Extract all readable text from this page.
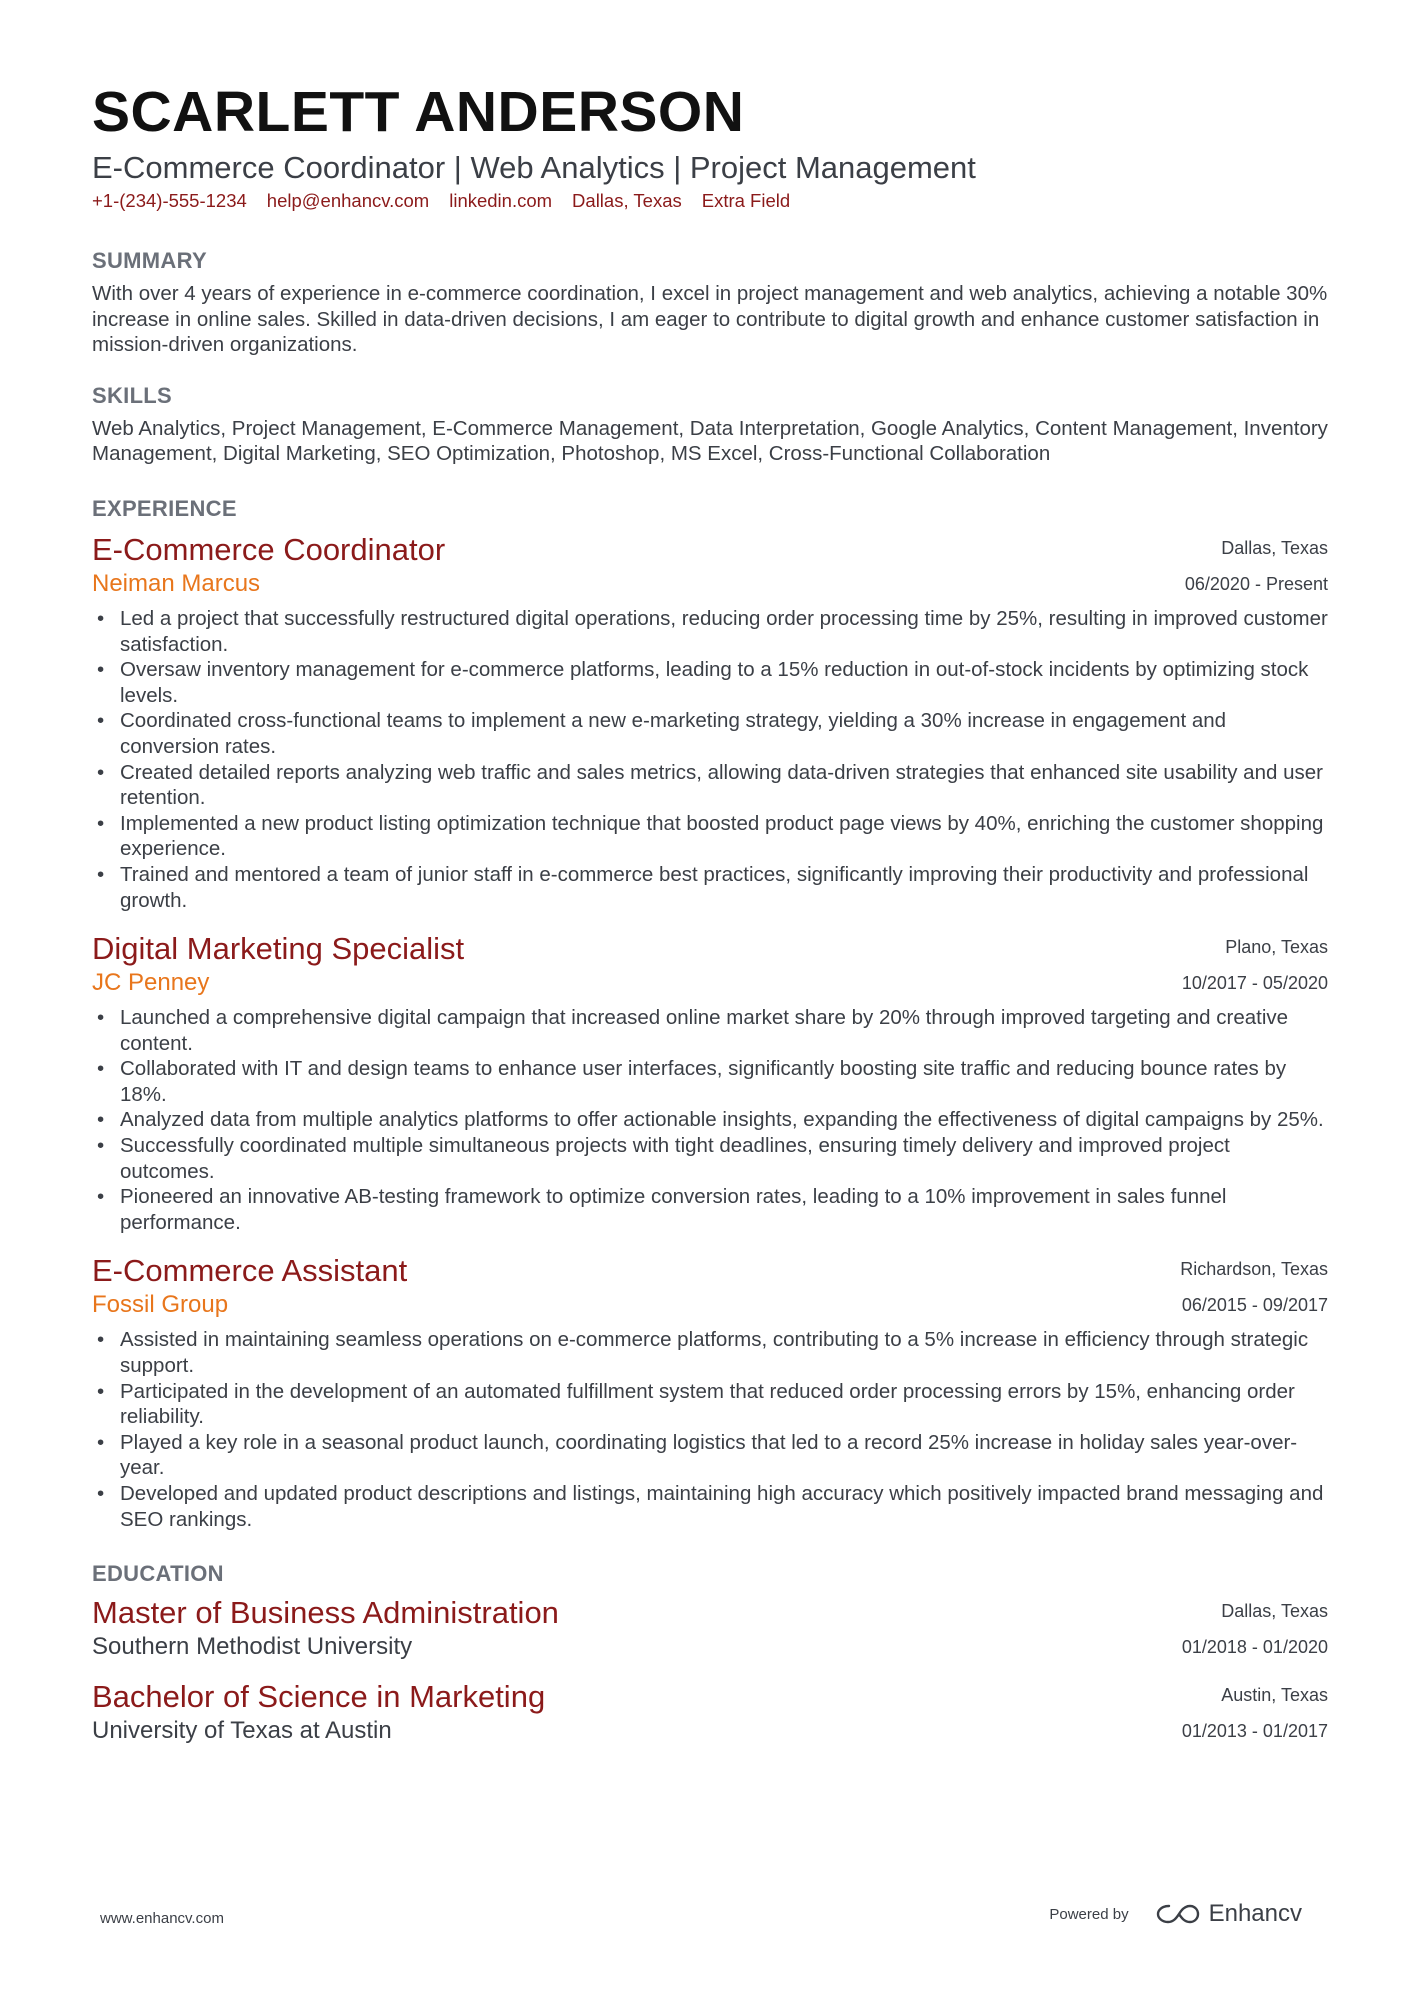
SCARLETT ANDERSON
E-Commerce Coordinator | Web Analytics | Project Management
+1-(234)-555-1234 help@enhancv.com linkedin.com Dallas, Texas Extra Field
SUMMARY

With over 4 years of experience in e-commerce coordination, I excel in project management and web analytics, achieving a notable 30% increase in online sales. Skilled in data-driven decisions, I am eager to contribute to digital growth and enhance customer satisfaction in mission-driven organizations.

SKILLS

Web Analytics, Project Management, E-Commerce Management, Data Interpretation, Google Analytics, Content Management, Inventory Management, Digital Marketing, SEO Optimization, Photoshop, MS Excel, Cross-Functional Collaboration

EXPERIENCE
E-Commerce Coordinator
Neiman Marcus
Dallas, Texas
06/2020 - Present
• Led a project that successfully restructured digital operations, reducing order processing time by 25%, resulting in improved customer satisfaction.
• Oversaw inventory management for e-commerce platforms, leading to a 15% reduction in out-of-stock incidents by optimizing stock levels.
• Coordinated cross-functional teams to implement a new e-marketing strategy, yielding a 30% increase in engagement and conversion rates.
• Created detailed reports analyzing web traffic and sales metrics, allowing data-driven strategies that enhanced site usability and user retention.
• Implemented a new product listing optimization technique that boosted product page views by 40%, enriching the customer shopping experience.
• Trained and mentored a team of junior staff in e-commerce best practices, significantly improving their productivity and professional growth.
Digital Marketing Specialist
JC Penney
Plano, Texas
10/2017 - 05/2020
• Launched a comprehensive digital campaign that increased online market share by 20% through improved targeting and creative content.
• Collaborated with IT and design teams to enhance user interfaces, significantly boosting site traffic and reducing bounce rates by 18%.
• Analyzed data from multiple analytics platforms to offer actionable insights, expanding the effectiveness of digital campaigns by 25%.
• Successfully coordinated multiple simultaneous projects with tight deadlines, ensuring timely delivery and improved project outcomes.
• Pioneered an innovative AB-testing framework to optimize conversion rates, leading to a 10% improvement in sales funnel performance.
E-Commerce Assistant
Fossil Group
Richardson, Texas
06/2015 - 09/2017
• Assisted in maintaining seamless operations on e-commerce platforms, contributing to a 5% increase in efficiency through strategic support.
• Participated in the development of an automated fulfillment system that reduced order processing errors by 15%, enhancing order reliability.
• Played a key role in a seasonal product launch, coordinating logistics that led to a record 25% increase in holiday sales year-over-year.
• Developed and updated product descriptions and listings, maintaining high accuracy which positively impacted brand messaging and SEO rankings.
EDUCATION
Master of Business Administration
Southern Methodist University
Dallas, Texas
01/2018 - 01/2020
Bachelor of Science in Marketing
University of Texas at Austin
Austin, Texas
01/2013 - 01/2017
www.enhancv.com	Powered by	Enhancv
